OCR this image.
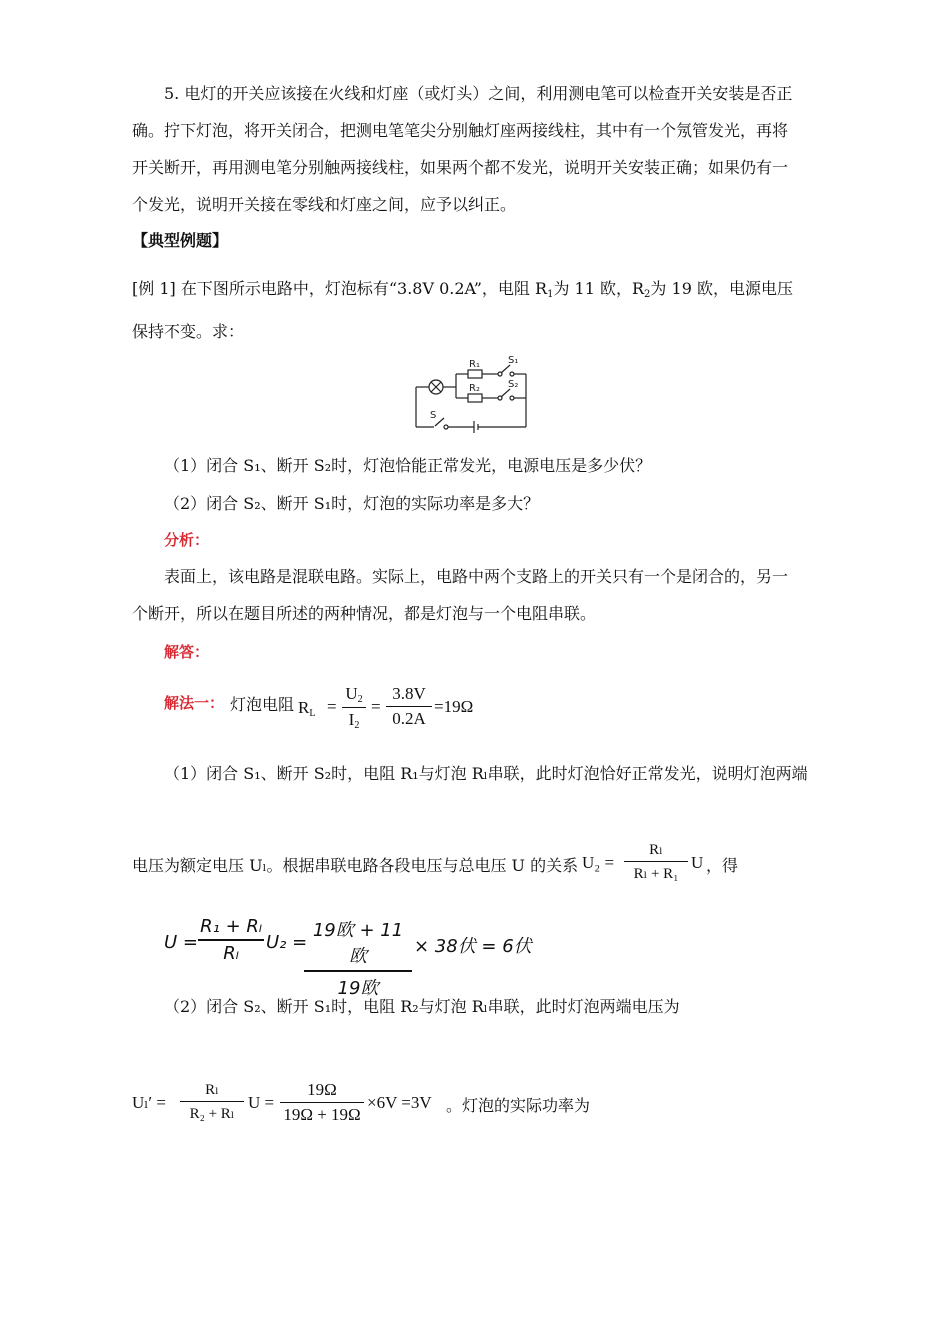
5. 电灯的开关应该接在火线和灯座（或灯头）之间，利用测电笔可以检查开关安装是否正
确。拧下灯泡，将开关闭合，把测电笔笔尖分别触灯座两接线柱，其中有一个氖管发光，再将
开关断开，再用测电笔分别触两接线柱，如果两个都不发光，说明开关安装正确；如果仍有一
个发光，说明开关接在零线和灯座之间，应予以纠正。
【典型例题】
[例 1] 在下图所示电路中，灯泡标有“3.8V 0.2A”，电阻 $R_1$为 11 欧，$R_2$为 19 欧，电源电压
保持不变。求：
R₁
R₂
S₁
S₂
S
（1）闭合 S₁、断开 S₂时，灯泡恰能正常发光，电源电压是多少伏？
（2）闭合 S₂、断开 S₁时，灯泡的实际功率是多大？
分析：
表面上，该电路是混联电路。实际上，电路中两个支路上的开关只有一个是闭合的，另一
个断开，所以在题目所述的两种情况，都是灯泡与一个电阻串联。
解答：
解法一： 灯泡电阻 $R_L$ =
$U_2$
$I_2$
=
3.8V
0.2A
=19Ω
（1）闭合 S₁、断开 S₂时，电阻 R₁与灯泡 Rₗ串联，此时灯泡恰好正常发光，说明灯泡两端
电压为额定电压 Uₗ。根据串联电路各段电压与总电压 U 的关系 U₂ =
Rₗ
Rₗ + R₁
U ，得
U =
R₁ + Rₗ
Rₗ
U₂ =
19欧 + 11欧
19欧
× 38伏 = 6伏
（2）闭合 S₂、断开 S₁时，电阻 R₂与灯泡 Rₗ串联，此时灯泡两端电压为
Uₗ′ =
Rₗ
R₂ + Rₗ
U =
19Ω
19Ω + 19Ω
×6V =3V 。灯泡的实际功率为
